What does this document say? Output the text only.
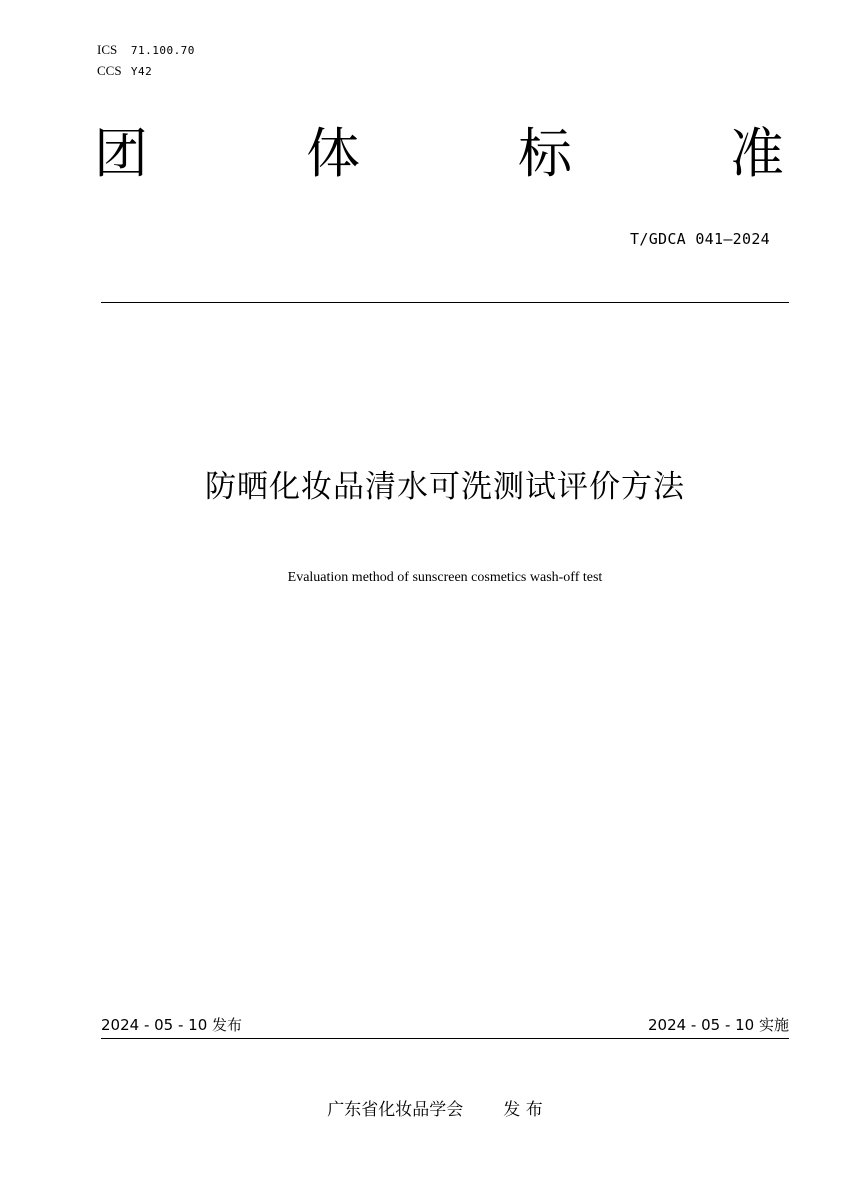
ICS 71.100.70
CCS Y42
团	体	标	准
T/GDCA 041—2024
防晒化妆品清水可洗测试评价方法
Evaluation method of sunscreen cosmetics wash-off test
2024 - 05 - 10 发布	2024 - 05 - 10 实施
广东省化妆品学会 发 布
